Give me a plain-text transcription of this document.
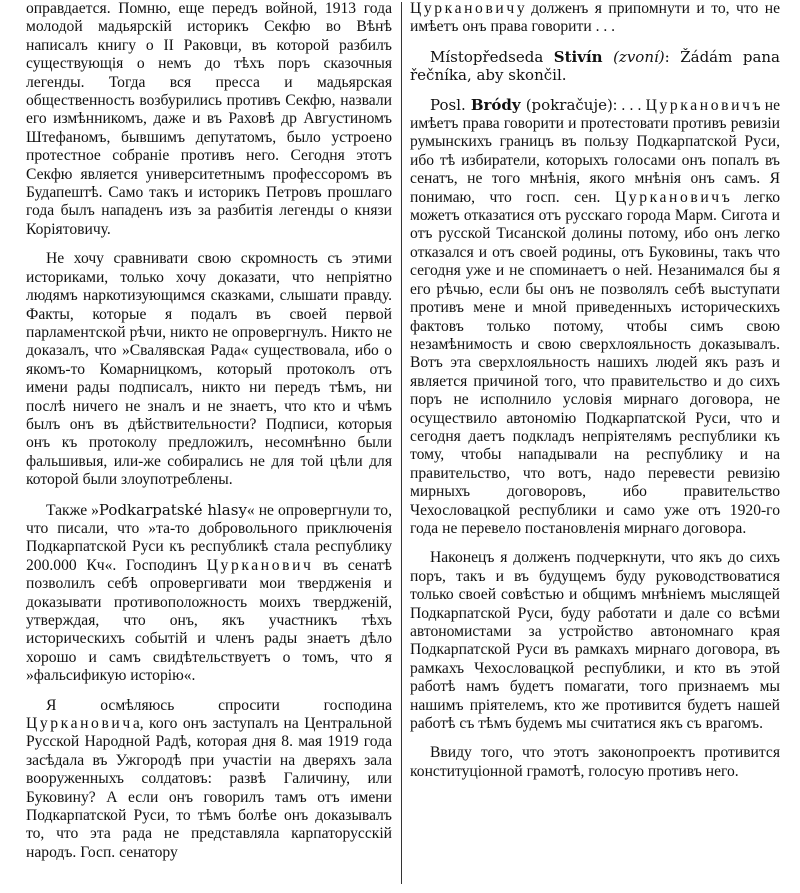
оправдается. Помню, еще передъ войной, 1913 года молодой мадьярскій историкъ Секфю во Вѣнѣ написалъ книгу о II Раковци, въ которой разбилъ существующія о немъ до тѣхъ поръ сказочныя легенды. Тогда вся пресса и мадьярская общественность возбурились противъ Секфю, назвали его измѣнникомъ, даже и въ Раховѣ др Августиномъ Штефаномъ, бывшимъ депутатомъ, было устроено протестное собраніе противъ него. Сегодня этотъ Секфю является университетнымъ профессоромъ въ Будапештѣ. Само такъ и историкъ Петровъ прошлаго года былъ нападенъ изъ за разбитія легенды о князи Коріятовичу.

Не хочу сравнивати свою скромность съ этими историками, только хочу доказати, что непріятно людямъ наркотизующимся сказками, слышати правду. Факты, которые я подалъ въ своей первой парламентской рѣчи, никто не опровергнулъ. Никто не доказалъ, что »Свалявская Рада« существовала, ибо о якомъ-то Комарницкомъ, который протоколъ отъ имени рады подписалъ, никто ни передъ тѣмъ, ни послѣ ничего не зналъ и не знаетъ, что кто и чѣмъ былъ онъ въ дѣйствительности? Подписи, которыя онъ къ протоколу предложилъ, несомнѣнно были фальшивыя, или-же собирались не для той цѣли для которой были злоупотреблены.

Также »Podkarpatské hlasy« не опровергнули то, что писали, что »та-то добровольного приключенія Подкарпатской Руси къ республикѣ стала республику 200.000 Кч«. Господинъ Цурканович въ сенатѣ позволилъ себѣ опровергивати мои твердженія и доказывати противоположность моихъ твердженій, утверждая, что онъ, якъ участникъ тѣхъ историческихъ событій и членъ рады знаетъ дѣло хорошо и самъ свидѣтельствуетъ о томъ, что я »фальсификую исторію«.

Я осмѣляюсь спросити господина Цуркановича, кого онъ заступалъ на Центральной Русской Народной Радѣ, которая дня 8. мая 1919 года засѣдала въ Ужгородѣ при участіи на дверяхъ зала вооруженныхъ солдатовъ: развѣ Галичину, или Буковину? А если онъ говорилъ тамъ отъ имени Подкарпатской Руси, то тѣмъ болѣе онъ доказывалъ то, что эта рада не представляла карпаторусскій народъ. Госп. сенатору

Цуркановичу долженъ я припомнути и то, что не имѣетъ онъ права говорити . . .

Místopředseda Stivín (zvoní): Žádám pana řečníka, aby skončil.

Posl. Bródy (pokračuje): . . . Цуркановичъ не имѣетъ права говорити и протестовати противъ ревизіи румынскихъ границъ въ пользу Подкарпатской Руси, ибо тѣ избиратели, которыхъ голосами онъ попалъ въ сенатъ, не того мнѣнія, якого мнѣнія онъ самъ. Я понимаю, что госп. сен. Цуркановичъ легко можетъ отказатися отъ русскаго города Марм. Сигота и отъ русской Тисанской долины потому, ибо онъ легко отказался и отъ своей родины, отъ Буковины, такъ что сегодня уже и не споминаетъ о ней. Незанимался бы я его рѣчью, если бы онъ не позволялъ себѣ выступати противъ мене и мной приведенныхъ историческихъ фактовъ только потому, чтобы симъ свою незамѣнимость и свою сверхлояльность доказывалъ. Вотъ эта сверхлояльность нашихъ людей якъ разъ и является причиной того, что правительство и до сихъ поръ не исполнило условія мирнаго договора, не осуществило автономію Подкарпатской Руси, что и сегодня даетъ подкладъ непріятелямъ республики къ тому, чтобы нападывали на республику и на правительство, что вотъ, надо перевести ревизію мирныхъ договоровъ, ибо правительство Чехословацкой республики и само уже отъ 1920-го года не перевело постановленія мирнаго договора.

Наконецъ я долженъ подчеркнути, что якъ до сихъ поръ, такъ и въ будущемъ буду руководствоватися только своей совѣстью и общимъ мнѣніемъ мыслящей Подкарпатской Руси, буду работати и дале со всѣми автономистами за устройство автономнаго края Подкарпатской Руси въ рамкахъ мирнаго договора, въ рамкахъ Чехословацкой республики, и кто въ этой работѣ намъ будетъ помагати, того признаемъ мы нашимъ пріятелемъ, кто же противится будетъ нашей работѣ съ тѣмъ будемъ мы считатися якъ съ врагомъ.

Ввиду того, что этотъ законопроектъ противится конституціонной грамотѣ, голосую противъ него.
